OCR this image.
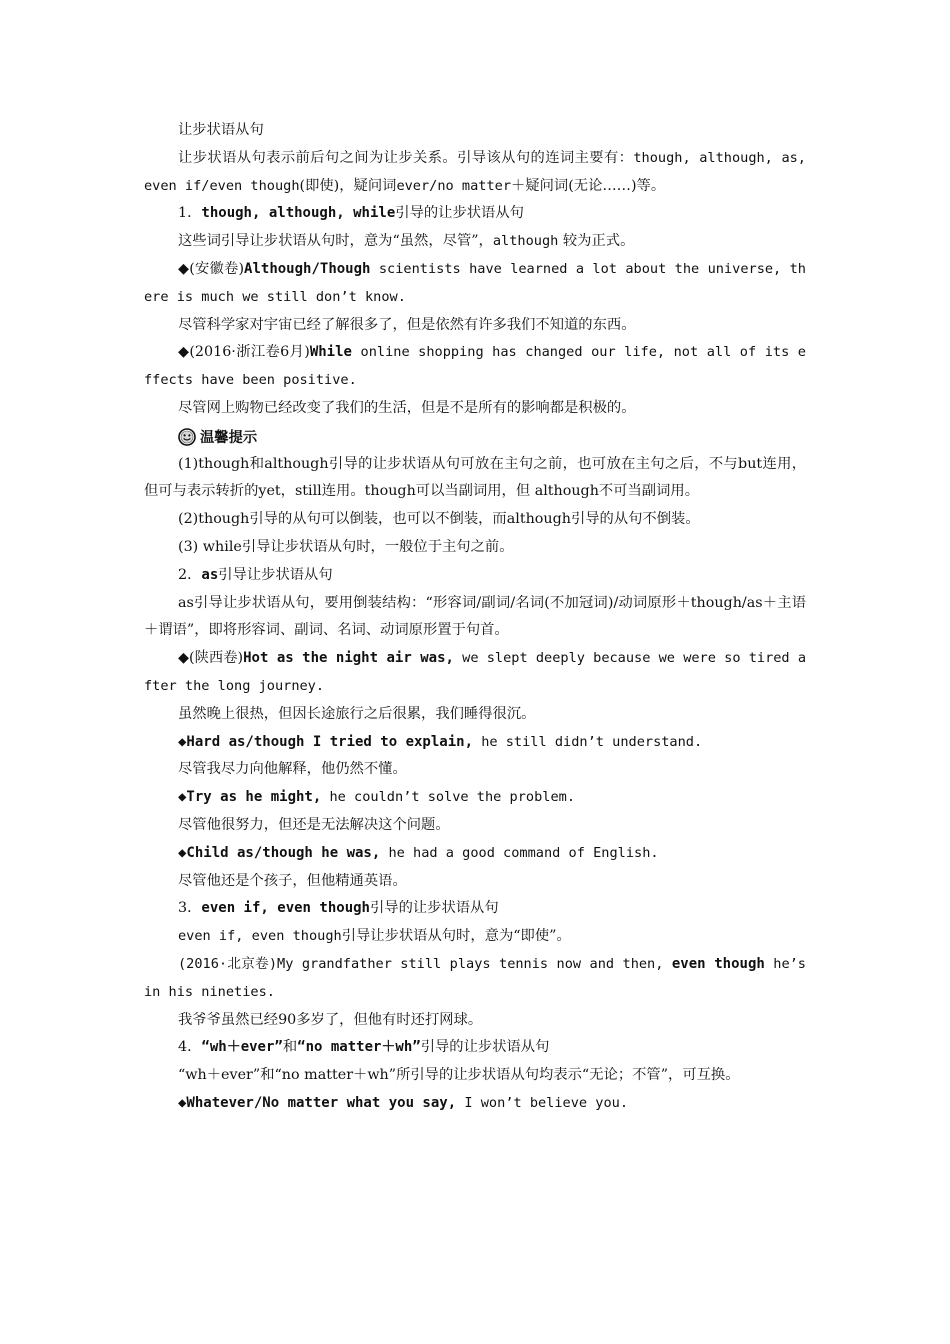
让步状语从句

让步状语从句表示前后句之间为让步关系。引导该从句的连词主要有：though, although, as, even if/even though(即使)，疑问词ever/no matter＋疑问词(无论……)等。

1．though, although, while引导的让步状语从句

这些词引导让步状语从句时，意为“虽然，尽管”，although 较为正式。

◆(安徽卷)Although/Though scientists have learned a lot about the universe, there is much we still don’t know.

尽管科学家对宇宙已经了解很多了，但是依然有许多我们不知道的东西。

◆(2016·浙江卷6月)While online shopping has changed our life, not all of its effects have been positive.

尽管网上购物已经改变了我们的生活，但是不是所有的影响都是积极的。

温馨提示

(1)though和although引导的让步状语从句可放在主句之前，也可放在主句之后，不与but连用，但可与表示转折的yet，still连用。though可以当副词用，但 although不可当副词用。

(2)though引导的从句可以倒装，也可以不倒装，而although引导的从句不倒装。

(3) while引导让步状语从句时，一般位于主句之前。

2．as引导让步状语从句

as引导让步状语从句，要用倒装结构：“形容词/副词/名词(不加冠词)/动词原形＋though/as＋主语＋谓语”，即将形容词、副词、名词、动词原形置于句首。

◆(陕西卷)Hot as the night air was, we slept deeply because we were so tired after the long journey.

虽然晚上很热，但因长途旅行之后很累，我们睡得很沉。

◆Hard as/though I tried to explain, he still didn’t understand.

尽管我尽力向他解释，他仍然不懂。

◆Try as he might, he couldn’t solve the problem.

尽管他很努力，但还是无法解决这个问题。

◆Child as/though he was, he had a good command of English.

尽管他还是个孩子，但他精通英语。

3．even if, even though引导的让步状语从句

even if, even though引导让步状语从句时，意为“即使”。

(2016·北京卷)My grandfather still plays tennis now and then, even though he’s in his nineties.

我爷爷虽然已经90多岁了，但他有时还打网球。

4．“wh＋ever”和“no matter＋wh”引导的让步状语从句

“wh＋ever”和“no matter＋wh”所引导的让步状语从句均表示“无论；不管”，可互换。

◆Whatever/No matter what you say, I won’t believe you.
